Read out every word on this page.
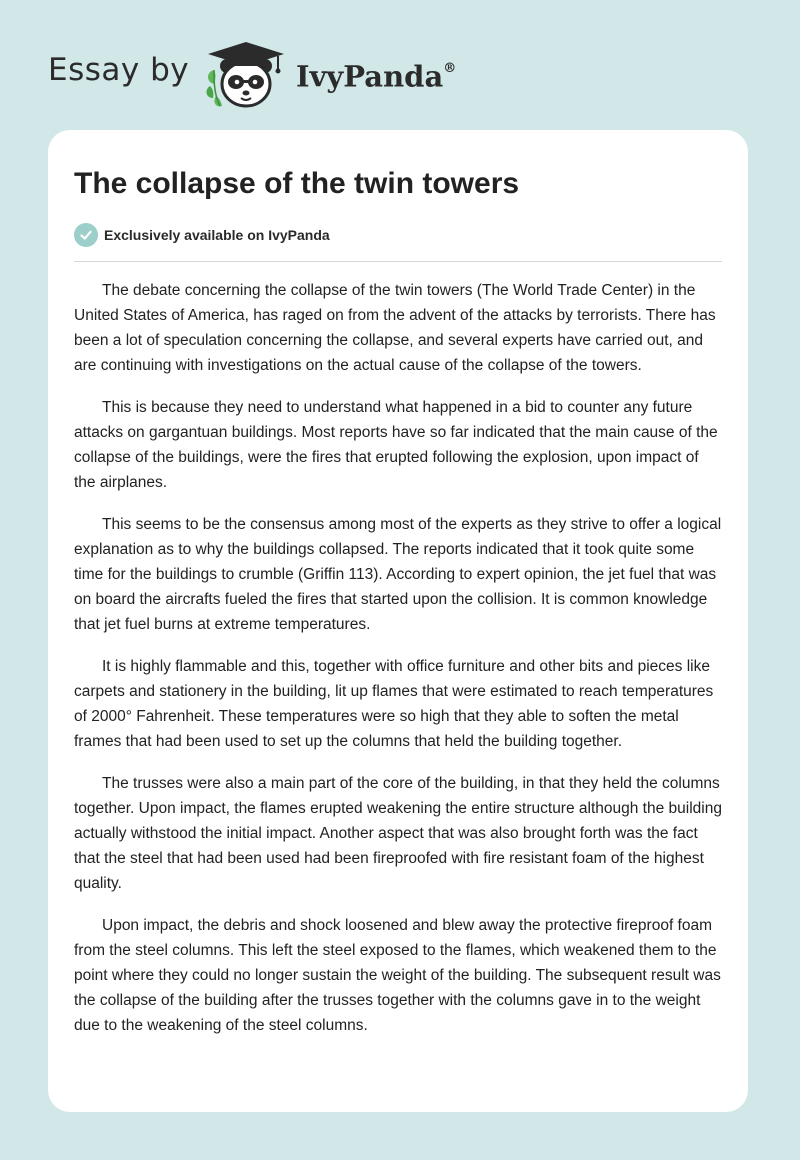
Essay by	IvyPanda®
The collapse of the twin towers
Exclusively available on IvyPanda

The debate concerning the collapse of the twin towers (The World Trade Center) in the United States of America, has raged on from the advent of the attacks by terrorists. There has been a lot of speculation concerning the collapse, and several experts have carried out, and are continuing with investigations on the actual cause of the collapse of the towers.

This is because they need to understand what happened in a bid to counter any future attacks on gargantuan buildings. Most reports have so far indicated that the main cause of the collapse of the buildings, were the fires that erupted following the explosion, upon impact of the airplanes.

This seems to be the consensus among most of the experts as they strive to offer a logical explanation as to why the buildings collapsed. The reports indicated that it took quite some time for the buildings to crumble (Griffin 113). According to expert opinion, the jet fuel that was on board the aircrafts fueled the fires that started upon the collision. It is common knowledge that jet fuel burns at extreme temperatures.

It is highly flammable and this, together with office furniture and other bits and pieces like carpets and stationery in the building, lit up flames that were estimated to reach temperatures of 2000° Fahrenheit. These temperatures were so high that they able to soften the metal frames that had been used to set up the columns that held the building together.

The trusses were also a main part of the core of the building, in that they held the columns together. Upon impact, the flames erupted weakening the entire structure although the building actually withstood the initial impact. Another aspect that was also brought forth was the fact that the steel that had been used had been fireproofed with fire resistant foam of the highest quality.

Upon impact, the debris and shock loosened and blew away the protective fireproof foam from the steel columns. This left the steel exposed to the flames, which weakened them to the point where they could no longer sustain the weight of the building. The subsequent result was the collapse of the building after the trusses together with the columns gave in to the weight due to the weakening of the steel columns.
